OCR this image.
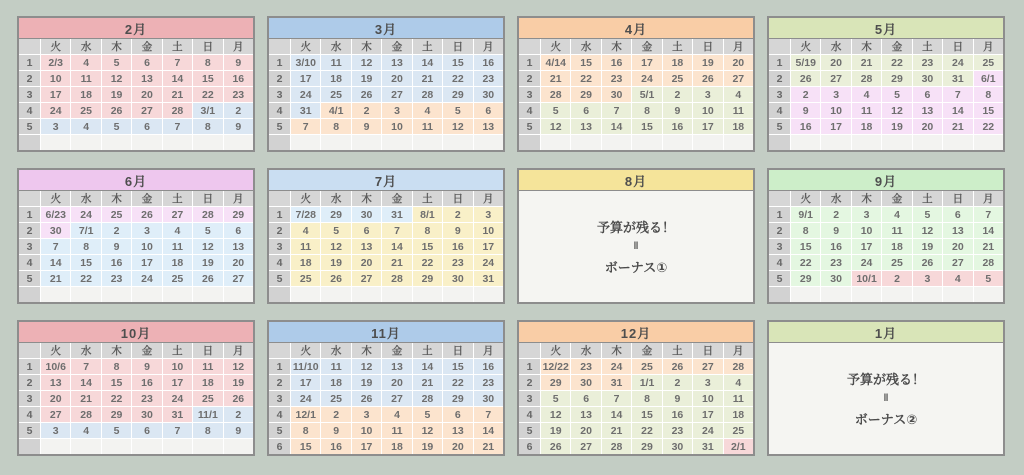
2月
火	水	木	金	土	日	月
1	2/3	4	5	6	7	8	9
2	10	11	12	13	14	15	16
3	17	18	19	20	21	22	23
4	24	25	26	27	28	3/1	2
5	3	4	5	6	7	8	9
3月
火	水	木	金	土	日	月
1	3/10	11	12	13	14	15	16
2	17	18	19	20	21	22	23
3	24	25	26	27	28	29	30
4	31	4/1	2	3	4	5	6
5	7	8	9	10	11	12	13
4月
火	水	木	金	土	日	月
1	4/14	15	16	17	18	19	20
2	21	22	23	24	25	26	27
3	28	29	30	5/1	2	3	4
4	5	6	7	8	9	10	11
5	12	13	14	15	16	17	18
5月
火	水	木	金	土	日	月
1	5/19	20	21	22	23	24	25
2	26	27	28	29	30	31	6/1
3	2	3	4	5	6	7	8
4	9	10	11	12	13	14	15
5	16	17	18	19	20	21	22
6月
火	水	木	金	土	日	月
1	6/23	24	25	26	27	28	29
2	30	7/1	2	3	4	5	6
3	7	8	9	10	11	12	13
4	14	15	16	17	18	19	20
5	21	22	23	24	25	26	27
7月
火	水	木	金	土	日	月
1	7/28	29	30	31	8/1	2	3
2	4	5	6	7	8	9	10
3	11	12	13	14	15	16	17
4	18	19	20	21	22	23	24
5	25	26	27	28	29	30	31
8月
予算が残る！
‖
ボーナス①
9月
火	水	木	金	土	日	月
1	9/1	2	3	4	5	6	7
2	8	9	10	11	12	13	14
3	15	16	17	18	19	20	21
4	22	23	24	25	26	27	28
5	29	30	10/1	2	3	4	5
10月
火	水	木	金	土	日	月
1	10/6	7	8	9	10	11	12
2	13	14	15	16	17	18	19
3	20	21	22	23	24	25	26
4	27	28	29	30	31	11/1	2
5	3	4	5	6	7	8	9
11月
火	水	木	金	土	日	月
1 11/10	11	12	13	14	15	16
2	17	18	19	20	21	22	23
3	24	25	26	27	28	29	30
4	12/1	2	3	4	5	6	7
5	8	9	10	11	12	13	14
6	15	16	17	18	19	20	21
12月
火	水	木	金	土	日	月
1 12/22	23	24	25	26	27	28
2	29	30	31	1/1	2	3	4
3	5	6	7	8	9	10	11
4	12	13	14	15	16	17	18
5	19	20	21	22	23	24	25
6	26	27	28	29	30	31	2/1
1月
予算が残る！
‖
ボーナス②
